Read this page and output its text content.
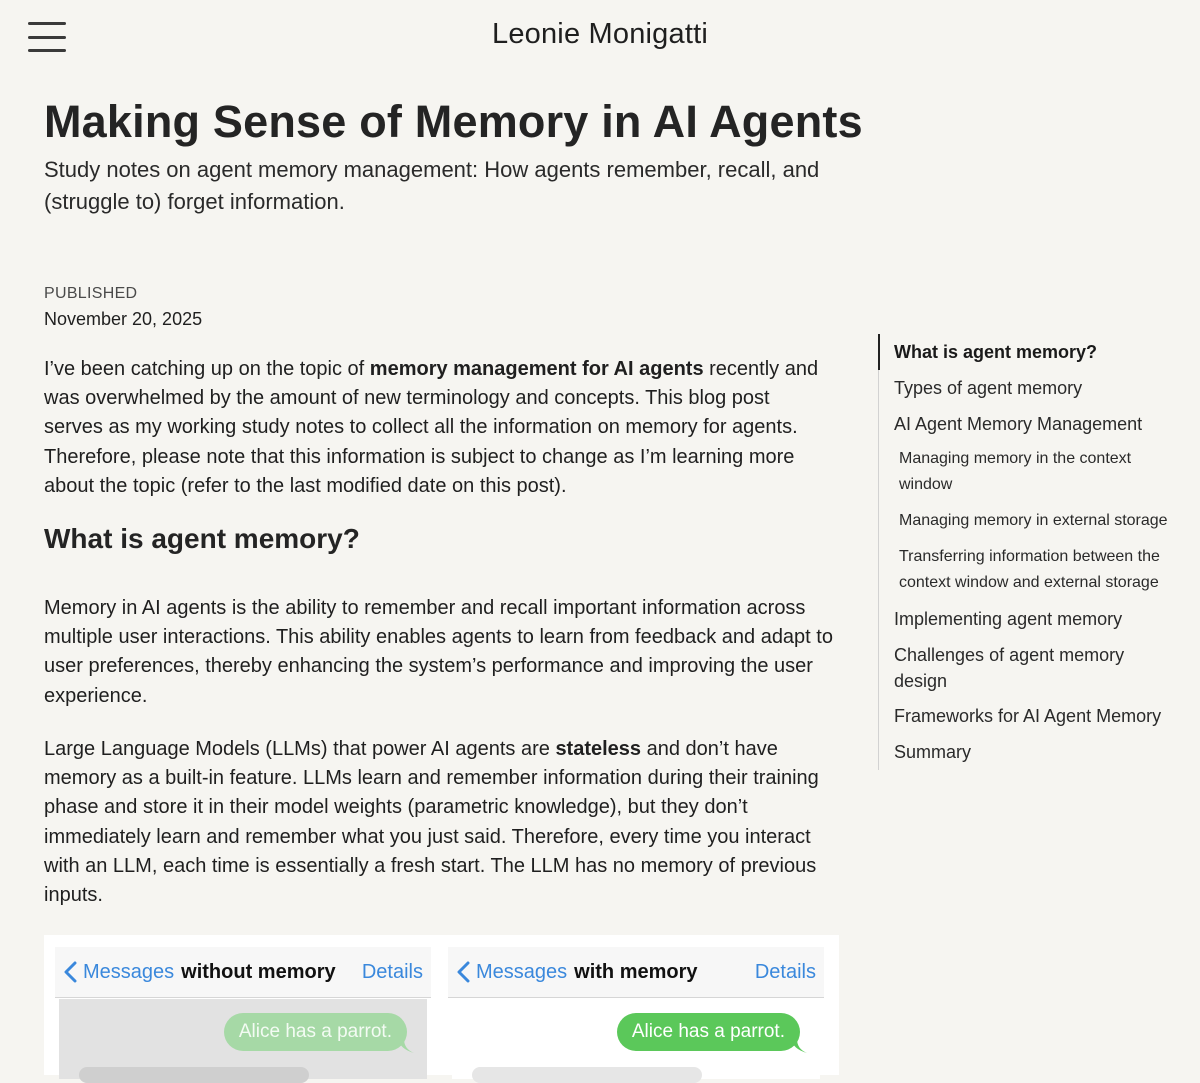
Leonie Monigatti
Making Sense of Memory in AI Agents

Study notes on agent memory management: How agents remember, recall, and (struggle to) forget information.

PUBLISHED
November 20, 2025

I’ve been catching up on the topic of memory management for AI agents recently and was overwhelmed by the amount of new terminology and concepts. This blog post serves as my working study notes to collect all the information on memory for agents. Therefore, please note that this information is subject to change as I’m learning more about the topic (refer to the last modified date on this post).

What is agent memory?

Memory in AI agents is the ability to remember and recall important information across multiple user interactions. This ability enables agents to learn from feedback and adapt to user preferences, thereby enhancing the system’s performance and improving the user experience.

Large Language Models (LLMs) that power AI agents are stateless and don’t have memory as a built-in feature. LLMs learn and remember information during their training phase and store it in their model weights (parametric knowledge), but they don’t immediately learn and remember what you just said. Therefore, every time you interact with an LLM, each time is essentially a fresh start. The LLM has no memory of previous inputs.

Messages without memory Details
Alice has a parrot.
Messages with memory	Details
Alice has a parrot.
What is agent memory?
Types of agent memory
AI Agent Memory Management
Managing memory in the context window
Managing memory in external storage
Transferring information between the context window and external storage
Implementing agent memory
Challenges of agent memory design
Frameworks for AI Agent Memory
Summary
